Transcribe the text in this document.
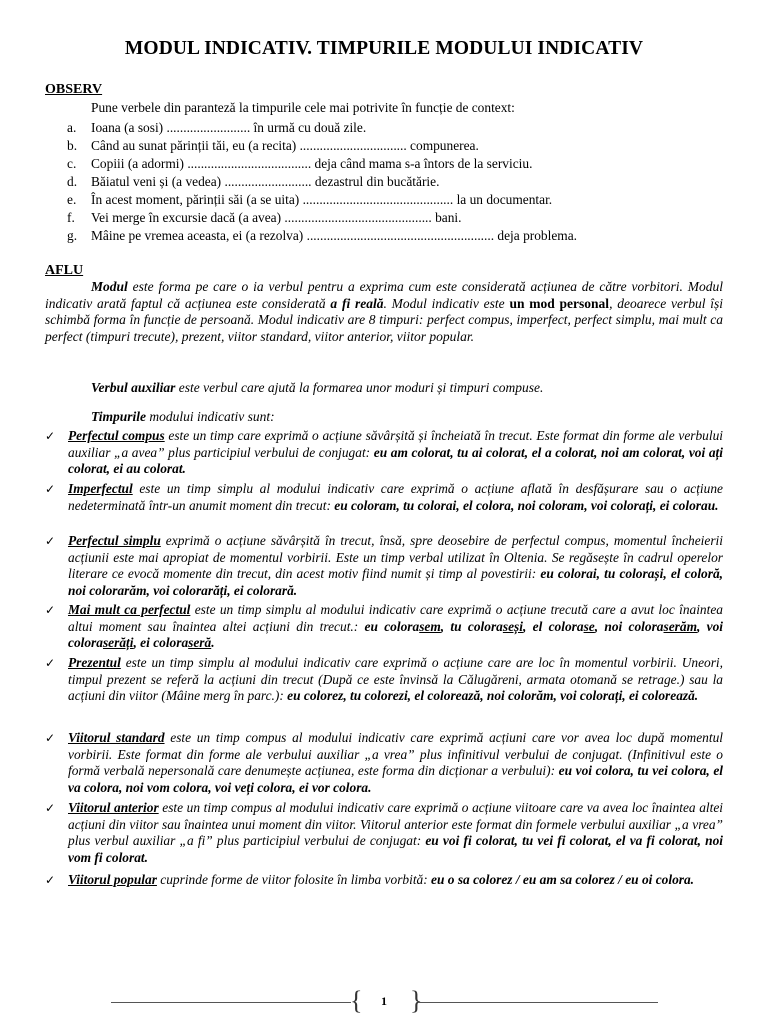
MODUL INDICATIV. TIMPURILE MODULUI INDICATIV
OBSERV
Pune verbele din paranteză la timpurile cele mai potrivite în funcție de context:
a. Ioana (a sosi) ......................... în urmă cu două zile.
b. Când au sunat părinții tăi, eu (a recita) ................................ compunerea.
c. Copiii (a adormi) ..................................... deja când mama s-a întors de la serviciu.
d. Băiatul veni și (a vedea) .......................... dezastrul din bucătărie.
e. În acest moment, părinții săi (a se uita) ............................................. la un documentar.
f. Vei merge în excursie dacă (a avea) ............................................ bani.
g. Mâine pe vremea aceasta, ei (a rezolva) ........................................................ deja problema.
AFLU
Modul este forma pe care o ia verbul pentru a exprima cum este considerată acțiunea de către vorbitori. Modul indicativ arată faptul că acțiunea este considerată a fi reală. Modul indicativ este un mod personal, deoarece verbul își schimbă forma în funcție de persoană. Modul indicativ are 8 timpuri: perfect compus, imperfect, perfect simplu, mai mult ca perfect (timpuri trecute), prezent, viitor standard, viitor anterior, viitor popular.
Verbul auxiliar este verbul care ajută la formarea unor moduri și timpuri compuse.
Timpurile modului indicativ sunt:
✓ Perfectul compus este un timp care exprimă o acțiune săvârșită și încheiată în trecut. Este format din forme ale verbului auxiliar „a avea” plus participiul verbului de conjugat: eu am colorat, tu ai colorat, el a colorat, noi am colorat, voi ați colorat, ei au colorat.
✓ Imperfectul este un timp simplu al modului indicativ care exprimă o acțiune aflată în desfășurare sau o acțiune nedeterminată într-un anumit moment din trecut: eu coloram, tu colorai, el colora, noi coloram, voi colorați, ei colorau.
✓ Perfectul simplu exprimă o acțiune săvârșită în trecut, însă, spre deosebire de perfectul compus, momentul încheierii acțiunii este mai apropiat de momentul vorbirii. Este un timp verbal utilizat în Oltenia. Se regăsește în cadrul operelor literare ce evocă momente din trecut, din acest motiv fiind numit și timp al povestirii: eu colorai, tu colorași, el coloră, noi colorarăm, voi colorarăți, ei colorară.
✓ Mai mult ca perfectul este un timp simplu al modului indicativ care exprimă o acțiune trecută care a avut loc înaintea altui moment sau înaintea altei acțiuni din trecut.: eu colorasem, tu coloraseși, el colorase, noi coloraserăm, voi coloraserăți, ei coloraseră.
✓ Prezentul este un timp simplu al modului indicativ care exprimă o acțiune care are loc în momentul vorbirii. Uneori, timpul prezent se referă la acțiuni din trecut (După ce este învinsă la Călugăreni, armata otomană se retrage.) sau la acțiuni din viitor (Mâine merg în parc.): eu colorez, tu colorezi, el colorează, noi colorăm, voi colorați, ei colorează.
✓ Viitorul standard este un timp compus al modului indicativ care exprimă acțiuni care vor avea loc după momentul vorbirii. Este format din forme ale verbului auxiliar „a vrea” plus infinitivul verbului de conjugat. (Infinitivul este o formă verbală nepersonală care denumește acțiunea, este forma din dicționar a verbului): eu voi colora, tu vei colora, el va colora, noi vom colora, voi veți colora, ei vor colora.
✓ Viitorul anterior este un timp compus al modului indicativ care exprimă o acțiune viitoare care va avea loc înaintea altei acțiuni din viitor sau înaintea unui moment din viitor. Viitorul anterior este format din formele verbului auxiliar „a vrea” plus verbul auxiliar „a fi” plus participiul verbului de conjugat: eu voi fi colorat, tu vei fi colorat, el va fi colorat, noi vom fi colorat.
✓ Viitorul popular cuprinde forme de viitor folosite în limba vorbită: eu o sa colorez / eu am sa colorez / eu oi colora.
{	1 }
